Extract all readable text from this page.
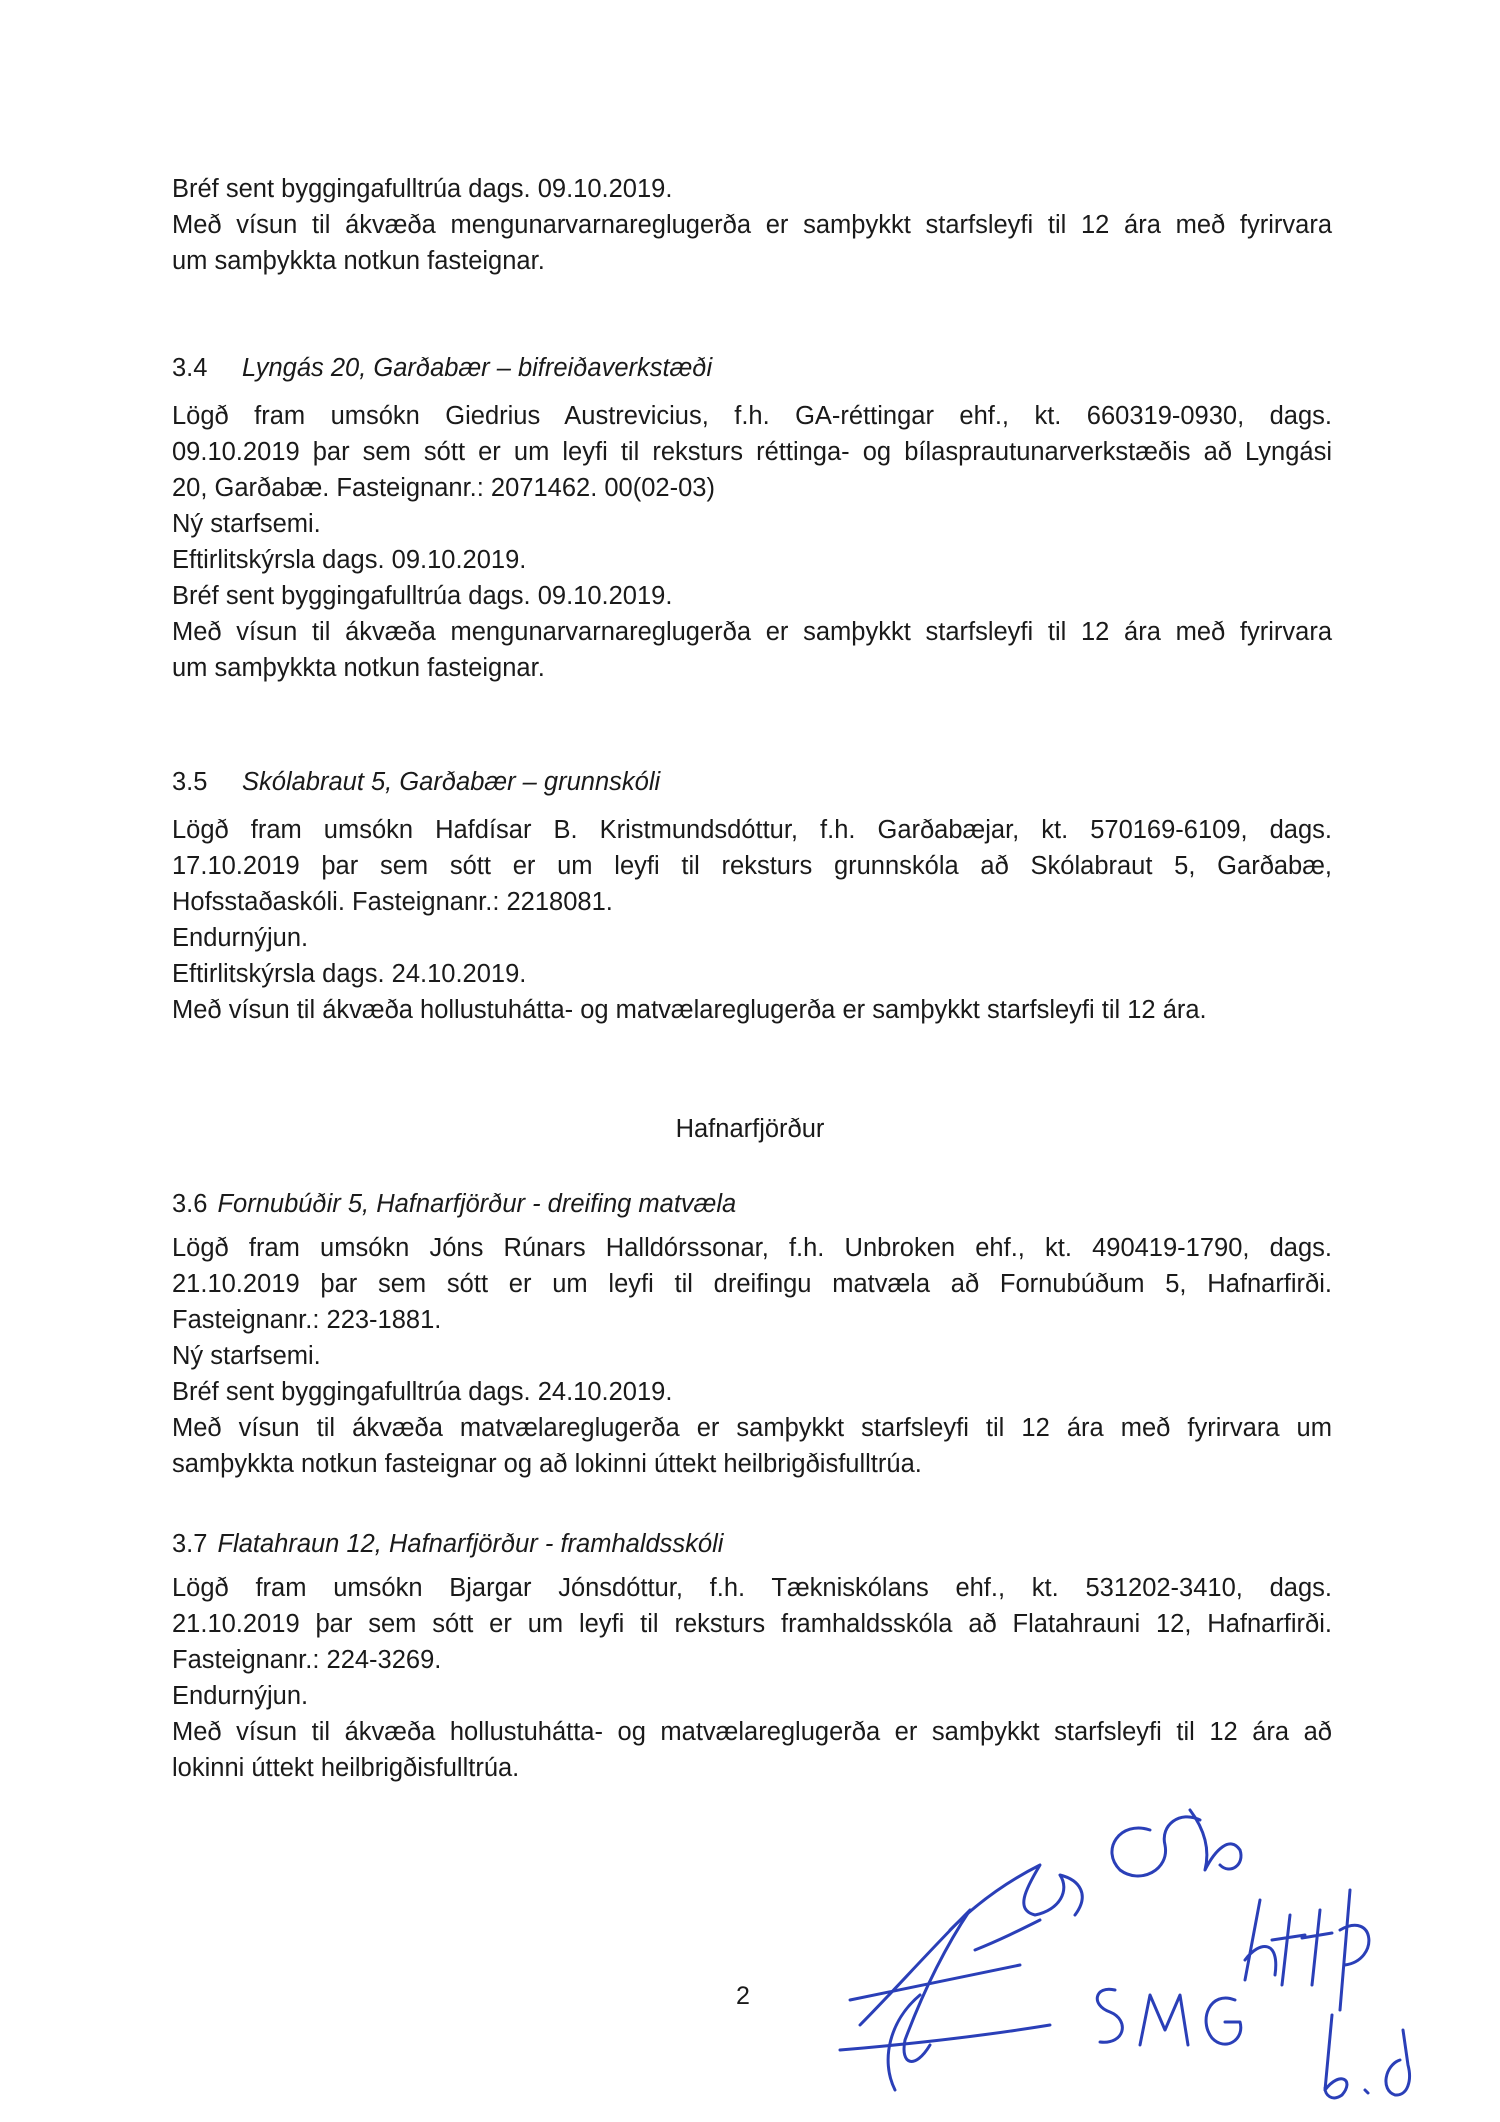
Bréf sent byggingafulltrúa dags. 09.10.2019.
Með vísun til ákvæða mengunarvarnareglugerða er samþykkt starfsleyfi til 12 ára með fyrirvara
um samþykkta notkun fasteignar.
3.4	Lyngás 20, Garðabær – bifreiðaverkstæði
Lögð fram umsókn Giedrius Austrevicius, f.h. GA-réttingar ehf., kt. 660319-0930, dags.
09.10.2019 þar sem sótt er um leyfi til reksturs réttinga- og bílasprautunarverkstæðis að Lyngási
20, Garðabæ. Fasteignanr.: 2071462. 00(02-03)
Ný starfsemi.
Eftirlitskýrsla dags. 09.10.2019.
Bréf sent byggingafulltrúa dags. 09.10.2019.
Með vísun til ákvæða mengunarvarnareglugerða er samþykkt starfsleyfi til 12 ára með fyrirvara
um samþykkta notkun fasteignar.
3.5	Skólabraut 5, Garðabær – grunnskóli
Lögð fram umsókn Hafdísar B. Kristmundsdóttur, f.h. Garðabæjar, kt. 570169-6109, dags.
17.10.2019 þar sem sótt er um leyfi til reksturs grunnskóla að Skólabraut 5, Garðabæ,
Hofsstaðaskóli. Fasteignanr.: 2218081.
Endurnýjun.
Eftirlitskýrsla dags. 24.10.2019.
Með vísun til ákvæða hollustuhátta- og matvælareglugerða er samþykkt starfsleyfi til 12 ára.
Hafnarfjörður
3.6 Fornubúðir 5, Hafnarfjörður - dreifing matvæla
Lögð fram umsókn Jóns Rúnars Halldórssonar, f.h. Unbroken ehf., kt. 490419-1790, dags.
21.10.2019 þar sem sótt er um leyfi til dreifingu matvæla að Fornubúðum 5, Hafnarfirði.
Fasteignanr.: 223-1881.
Ný starfsemi.
Bréf sent byggingafulltrúa dags. 24.10.2019.
Með vísun til ákvæða matvælareglugerða er samþykkt starfsleyfi til 12 ára með fyrirvara um
samþykkta notkun fasteignar og að lokinni úttekt heilbrigðisfulltrúa.
3.7 Flatahraun 12, Hafnarfjörður - framhaldsskóli
Lögð fram umsókn Bjargar Jónsdóttur, f.h. Tækniskólans ehf., kt. 531202-3410, dags.
21.10.2019 þar sem sótt er um leyfi til reksturs framhaldsskóla að Flatahrauni 12, Hafnarfirði.
Fasteignanr.: 224-3269.
Endurnýjun.
Með vísun til ákvæða hollustuhátta- og matvælareglugerða er samþykkt starfsleyfi til 12 ára að
lokinni úttekt heilbrigðisfulltrúa.
2
